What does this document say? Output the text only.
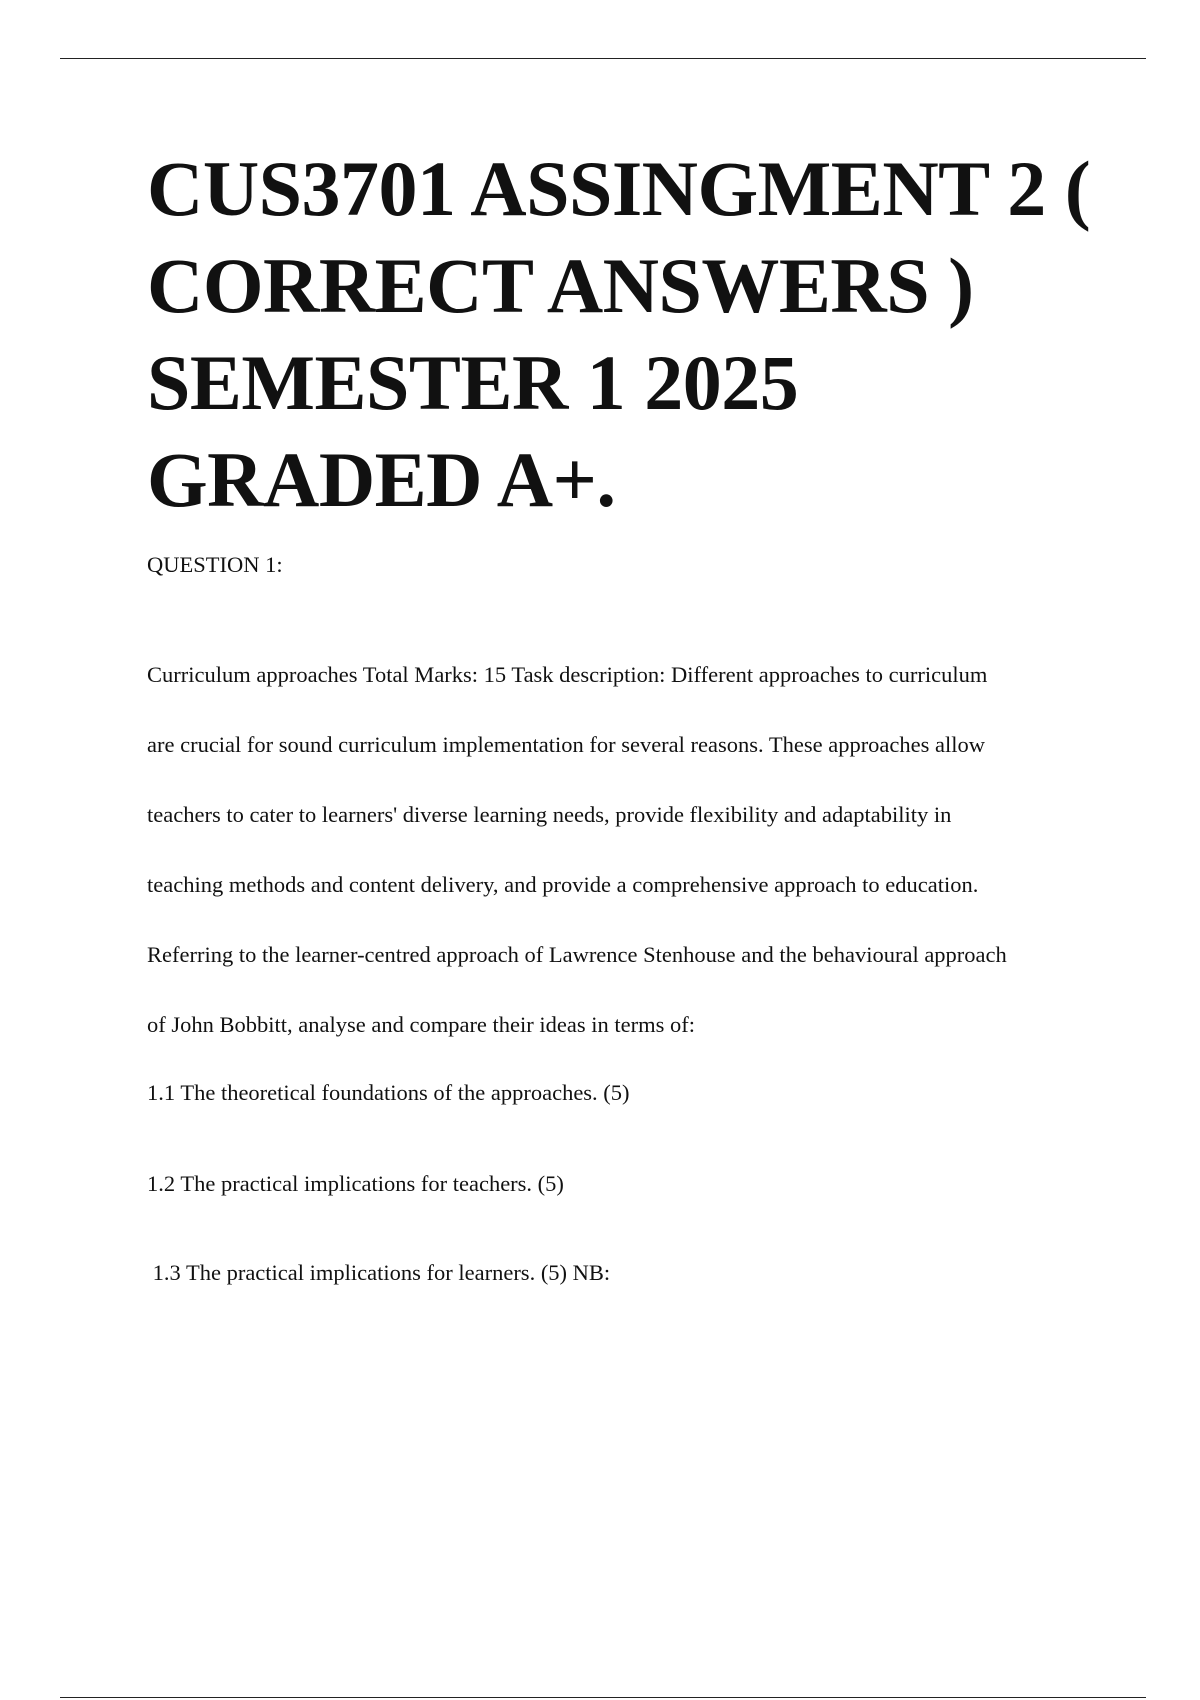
CUS3701 ASSINGMENT 2 (
CORRECT ANSWERS )
SEMESTER 1 2025
GRADED A+.
QUESTION 1:
Curriculum approaches Total Marks: 15 Task description: Different approaches to curriculum
are crucial for sound curriculum implementation for several reasons. These approaches allow
teachers to cater to learners' diverse learning needs, provide flexibility and adaptability in
teaching methods and content delivery, and provide a comprehensive approach to education.
Referring to the learner-centred approach of Lawrence Stenhouse and the behavioural approach
of John Bobbitt, analyse and compare their ideas in terms of:
1.1 The theoretical foundations of the approaches. (5)
1.2 The practical implications for teachers. (5)
1.3 The practical implications for learners. (5) NB:
